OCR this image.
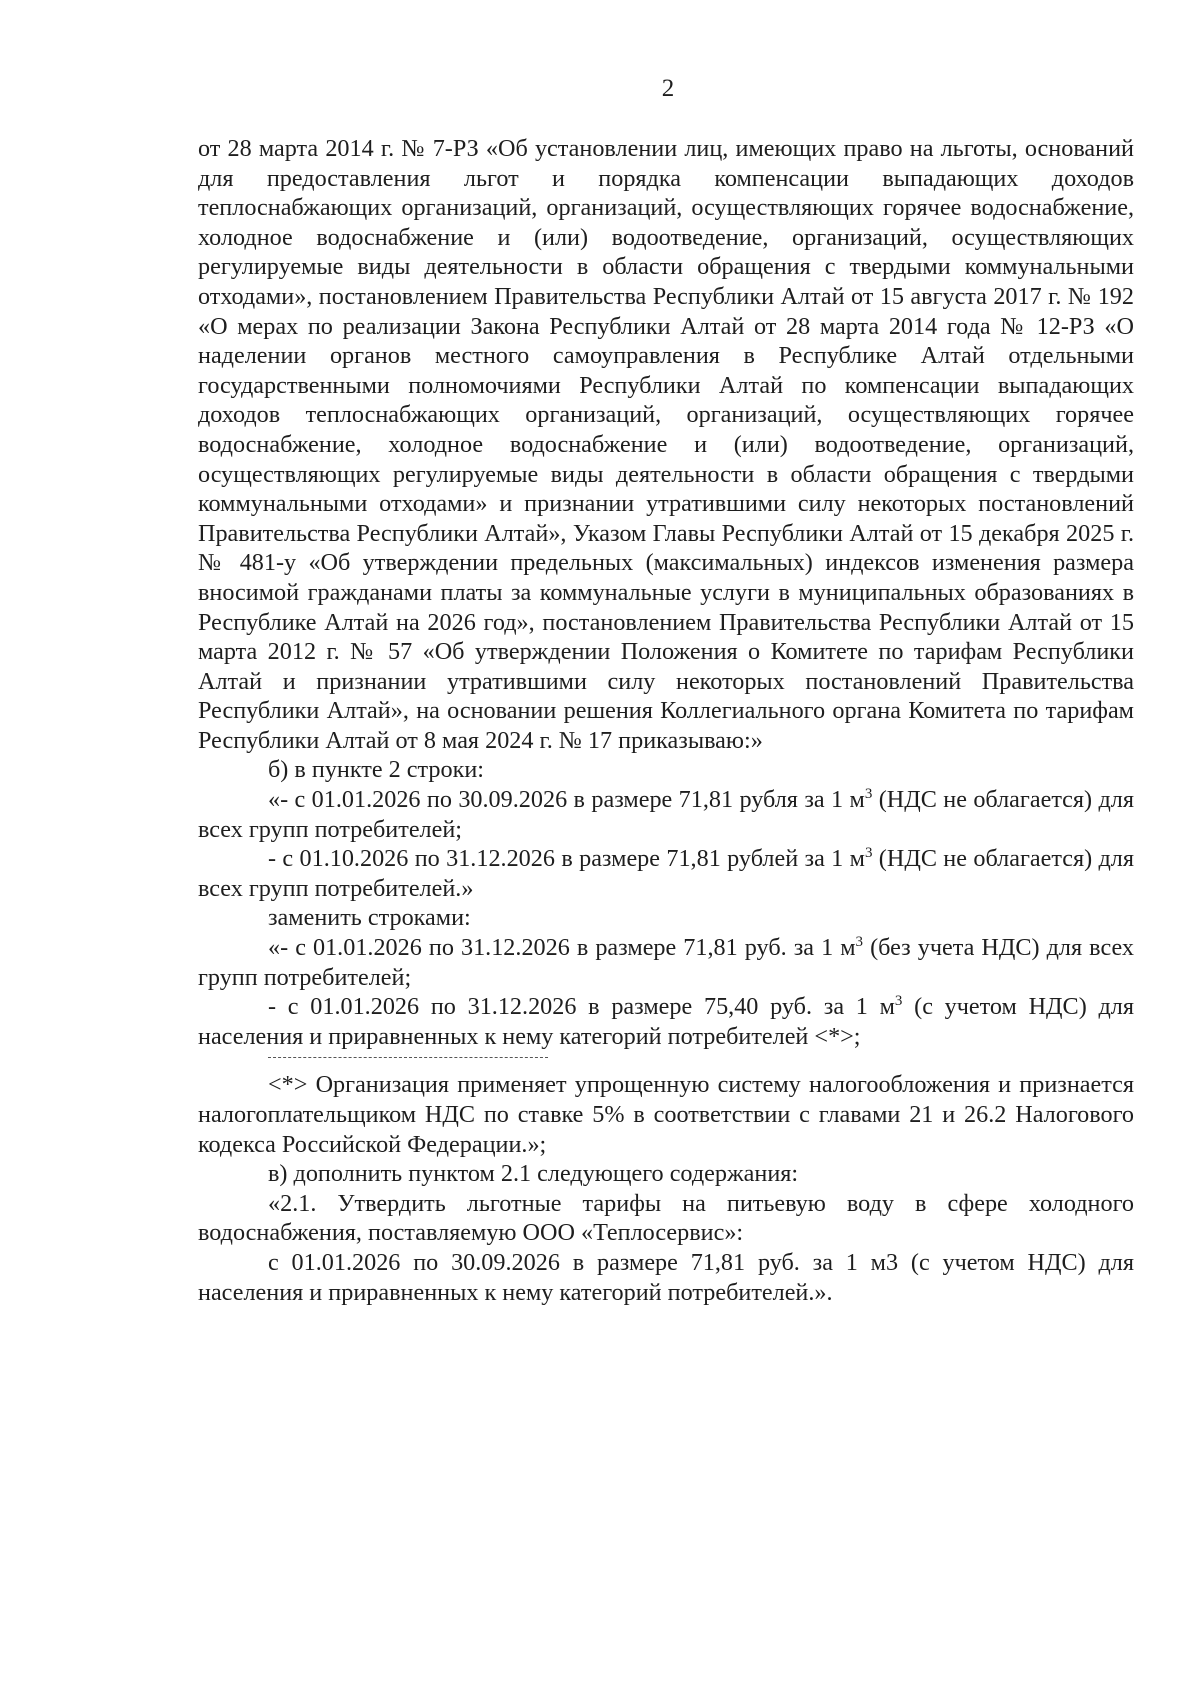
2

от 28 марта 2014 г. № 7-РЗ «Об установлении лиц, имеющих право на льготы, оснований для предоставления льгот и порядка компенсации выпадающих доходов теплоснабжающих организаций, организаций, осуществляющих горячее водоснабжение, холодное водоснабжение и (или) водоотведение, организаций, осуществляющих регулируемые виды деятельности в области обращения с твердыми коммунальными отходами», постановлением Правительства Республики Алтай от 15 августа 2017 г. № 192 «О мерах по реализации Закона Республики Алтай от 28 марта 2014 года № 12-РЗ «О наделении органов местного самоуправления в Республике Алтай отдельными государственными полномочиями Республики Алтай по компенсации выпадающих доходов теплоснабжающих организаций, организаций, осуществляющих горячее водоснабжение, холодное водоснабжение и (или) водоотведение, организаций, осуществляющих регулируемые виды деятельности в области обращения с твердыми коммунальными отходами» и признании утратившими силу некоторых постановлений Правительства Республики Алтай», Указом Главы Республики Алтай от 15 декабря 2025 г. № 481-у «Об утверждении предельных (максимальных) индексов изменения размера вносимой гражданами платы за коммунальные услуги в муниципальных образованиях в Республике Алтай на 2026 год», постановлением Правительства Республики Алтай от 15 марта 2012 г. № 57 «Об утверждении Положения о Комитете по тарифам Республики Алтай и признании утратившими силу некоторых постановлений Правительства Республики Алтай», на основании решения Коллегиального органа Комитета по тарифам Республики Алтай от 8 мая 2024 г. № 17 приказываю:»

б) в пункте 2 строки:

«- с 01.01.2026 по 30.09.2026 в размере 71,81 рубля за 1 $м^3$ (НДС не облагается) для всех групп потребителей;

- с 01.10.2026 по 31.12.2026 в размере 71,81 рублей за 1 $м^3$ (НДС не облагается) для всех групп потребителей.»

заменить строками:

«- с 01.01.2026 по 31.12.2026 в размере 71,81 руб. за 1 $м^3$ (без учета НДС) для всех групп потребителей;

- с 01.01.2026 по 31.12.2026 в размере 75,40 руб. за 1 $м^3$ (с учетом НДС) для населения и приравненных к нему категорий потребителей <*>;

<*> Организация применяет упрощенную систему налогообложения и признается налогоплательщиком НДС по ставке 5% в соответствии с главами 21 и 26.2 Налогового кодекса Российской Федерации.»;

в) дополнить пунктом 2.1 следующего содержания:

«2.1. Утвердить льготные тарифы на питьевую воду в сфере холодного водоснабжения, поставляемую ООО «Теплосервис»:

с 01.01.2026 по 30.09.2026 в размере 71,81 руб. за 1 м3 (с учетом НДС) для населения и приравненных к нему категорий потребителей.».
